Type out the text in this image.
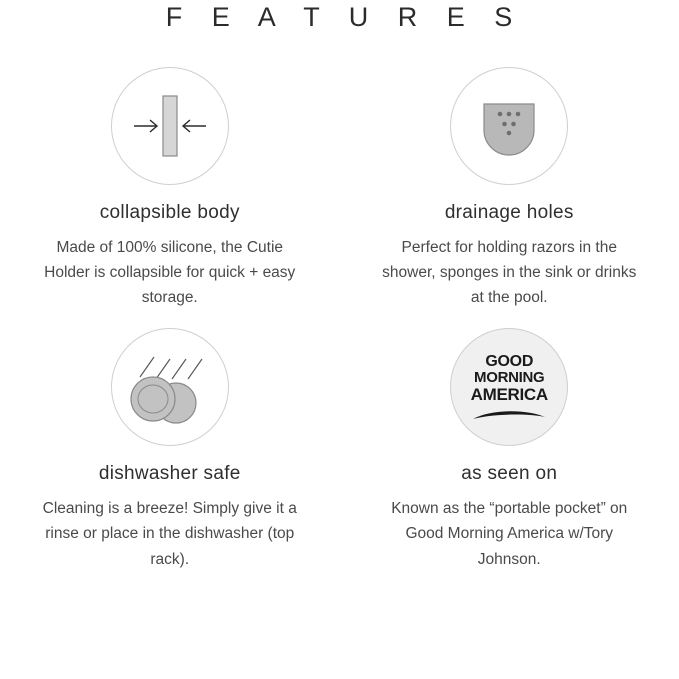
F E A T U R E S
collapsible body
Made of 100% silicone, the Cutie Holder is collapsible for quick + easy storage.
drainage holes
Perfect for holding razors in the shower, sponges in the sink or drinks at the pool.
dishwasher safe
Cleaning is a breeze! Simply give it a rinse or place in the dishwasher (top rack).
GOOD
MORNING
AMERICA
as seen on
Known as the “portable pocket” on Good Morning America w/Tory Johnson.
